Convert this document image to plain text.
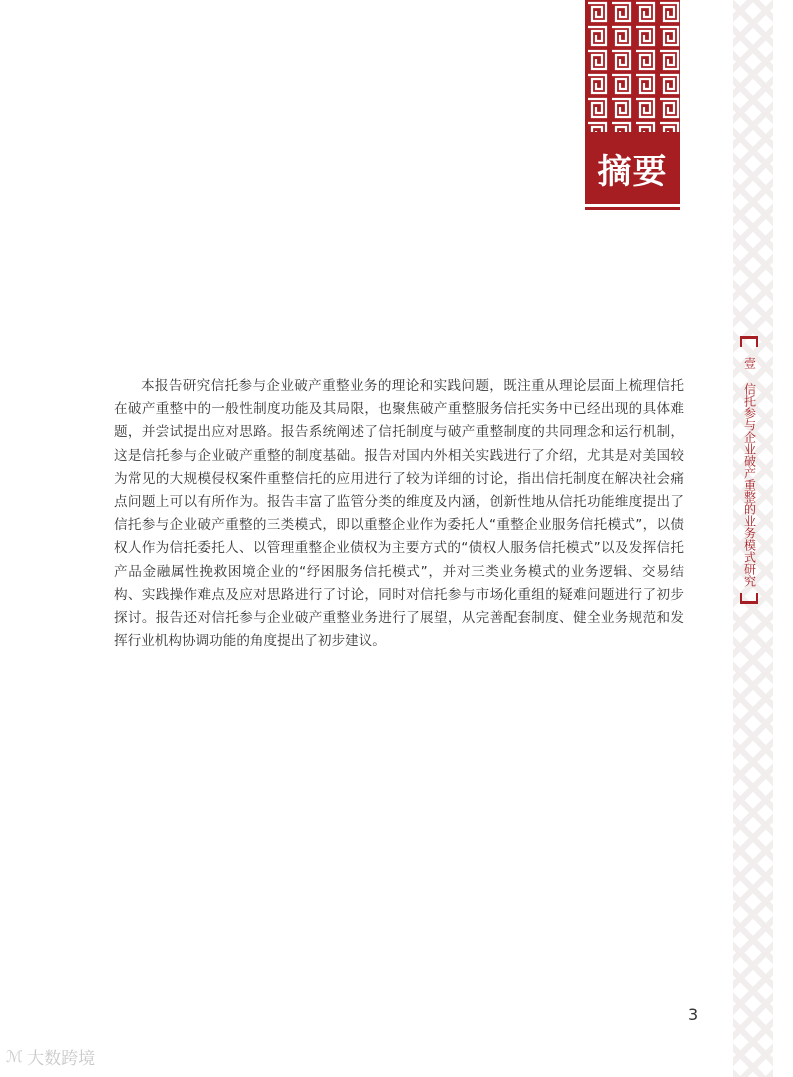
摘要
壹
信托参与企业破产重整的业务模式研究

本报告研究信托参与企业破产重整业务的理论和实践问题，既注重从理论层面上梳理信托在破产重整中的一般性制度功能及其局限，也聚焦破产重整服务信托实务中已经出现的具体难题，并尝试提出应对思路。报告系统阐述了信托制度与破产重整制度的共同理念和运行机制，这是信托参与企业破产重整的制度基础。报告对国内外相关实践进行了介绍，尤其是对美国较为常见的大规模侵权案件重整信托的应用进行了较为详细的讨论，指出信托制度在解决社会痛点问题上可以有所作为。报告丰富了监管分类的维度及内涵，创新性地从信托功能维度提出了信托参与企业破产重整的三类模式，即以重整企业作为委托人“重整企业服务信托模式”，以债权人作为信托委托人、以管理重整企业债权为主要方式的“债权人服务信托模式”以及发挥信托产品金融属性挽救困境企业的“纾困服务信托模式”，并对三类业务模式的业务逻辑、交易结构、实践操作难点及应对思路进行了讨论，同时对信托参与市场化重组的疑难问题进行了初步探讨。报告还对信托参与企业破产重整业务进行了展望，从完善配套制度、健全业务规范和发挥行业机构协调功能的角度提出了初步建议。

3
ℳ 大数跨境
